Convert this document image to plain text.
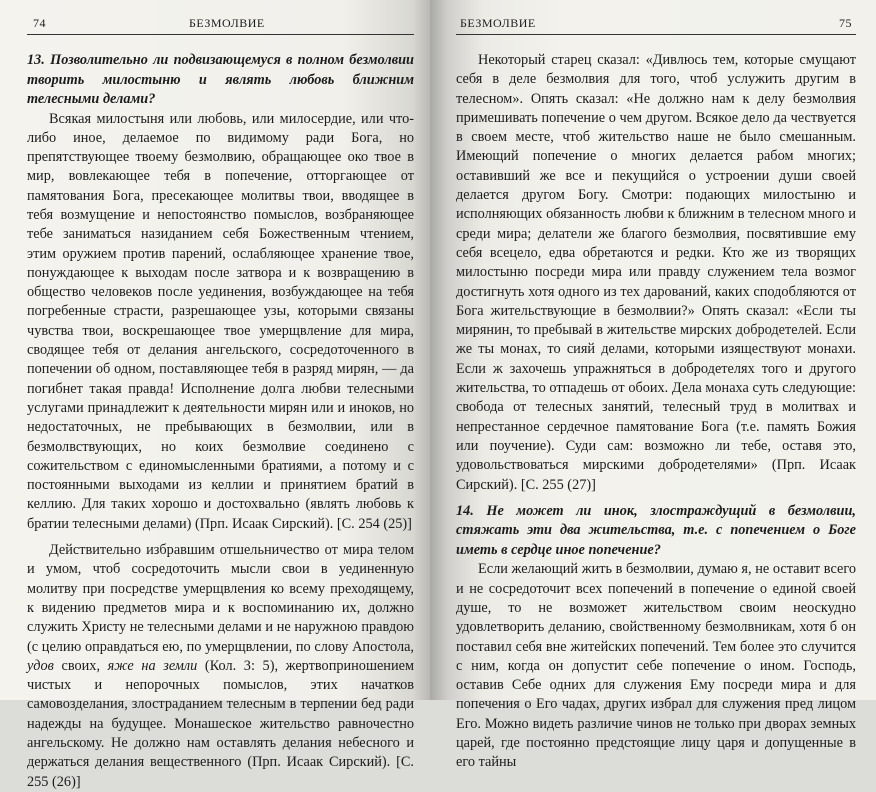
74	БЕЗМОЛВИЕ

13. Позволительно ли подвизающемуся в полном безмолвии творить милостыню и являть любовь ближним телесными делами?

Всякая милостыня или любовь, или милосердие, или что-либо иное, делаемое по видимому ради Бога, но препятствующее твоему безмолвию, обращающее око твое в мир, вовлекающее тебя в попечение, отторгающее от памятования Бога, пресекающее молитвы твои, вводящее в тебя возмущение и непостоянство помыслов, возбраняющее тебе заниматься назиданием себя Божественным чтением, этим оружием против парений, ослабляющее хранение твое, понуждающее к выходам после затвора и к возвращению в общество человеков после уединения, возбуждающее на тебя погребенные страсти, разрешающее узы, которыми связаны чувства твои, воскрешающее твое умерщвление для мира, сводящее тебя от делания ангельского, сосредоточенного в попечении об одном, поставляющее тебя в разряд мирян, — да погибнет такая правда! Исполнение долга любви телесными услугами принадлежит к деятельности мирян или и иноков, но недостаточных, не пребывающих в безмолвии, или в безмолвствующих, но коих безмолвие соединено с сожительством с единомысленными братиями, а потому и с постоянными выходами из келлии и принятием братий в келлию. Для таких хорошо и достохвально (являть любовь к братии телесными делами) (Прп. Исаак Сирский). [С. 254 (25)]

Действительно избравшим отшельничество от мира телом и умом, чтоб сосредоточить мысли свои в уединенную молитву при посредстве умерщвления ко всему преходящему, к видению предметов мира и к воспоминанию их, должно служить Христу не телесными делами и не наружною правдою (с целию оправдаться ею, по умерщвлении, по слову Апостола, удов своих, яже на земли (Кол. 3: 5), жертвоприношением чистых и непорочных помыслов, этих начатков самовозделания, злостраданием телесным в терпении бед ради надежды на будущее. Монашеское жительство равночестно ангельскому. Не должно нам оставлять делания небесного и держаться делания вещественного (Прп. Исаак Сирский). [С. 255 (26)]

БЕЗМОЛВИЕ	75

Некоторый старец сказал: «Дивлюсь тем, которые смущают себя в деле безмолвия для того, чтоб услужить другим в телесном». Опять сказал: «Не должно нам к делу безмолвия примешивать попечение о чем другом. Всякое дело да чествуется в своем месте, чтоб жительство наше не было смешанным. Имеющий попечение о многих делается рабом многих; оставивший же все и пекущийся о устроении души своей делается другом Богу. Смотри: подающих милостыню и исполняющих обязанность любви к ближним в телесном много и среди мира; делатели же благого безмолвия, посвятившие ему себя всецело, едва обретаются и редки. Кто же из творящих милостыню посреди мира или правду служением тела возмог достигнуть хотя одного из тех дарований, каких сподобляются от Бога жительствующие в безмолвии?» Опять сказал: «Если ты мирянин, то пребывай в жительстве мирских добродетелей. Если же ты монах, то сияй делами, которыми изяществуют монахи. Если ж захочешь упражняться в добродетелях того и другого жительства, то отпадешь от обоих. Дела монаха суть следующие: свобода от телесных занятий, телесный труд в молитвах и непрестанное сердечное памятование Бога (т.е. память Божия или поучение). Суди сам: возможно ли тебе, оставя это, удовольствоваться мирскими добродетелями» (Прп. Исаак Сирский). [С. 255 (27)]

14. Не может ли инок, злостраждущий в безмолвии, стяжать эти два жительства, т.е. с попечением о Боге иметь в сердце иное попечение?

Если желающий жить в безмолвии, думаю я, не оставит всего и не сосредоточит всех попечений в попечение о единой своей душе, то не возможет жительством своим неоскудно удовлетворить деланию, свойственному безмолвникам, хотя б он поставил себя вне житейских попечений. Тем более это случится с ним, когда он допустит себе попечение о ином. Господь, оставив Себе одних для служения Ему посреди мира и для попечения о Его чадах, других избрал для служения пред лицом Его. Можно видеть различие чинов не только при дворах земных царей, где постоянно предстоящие лицу царя и допущенные в его тайны
